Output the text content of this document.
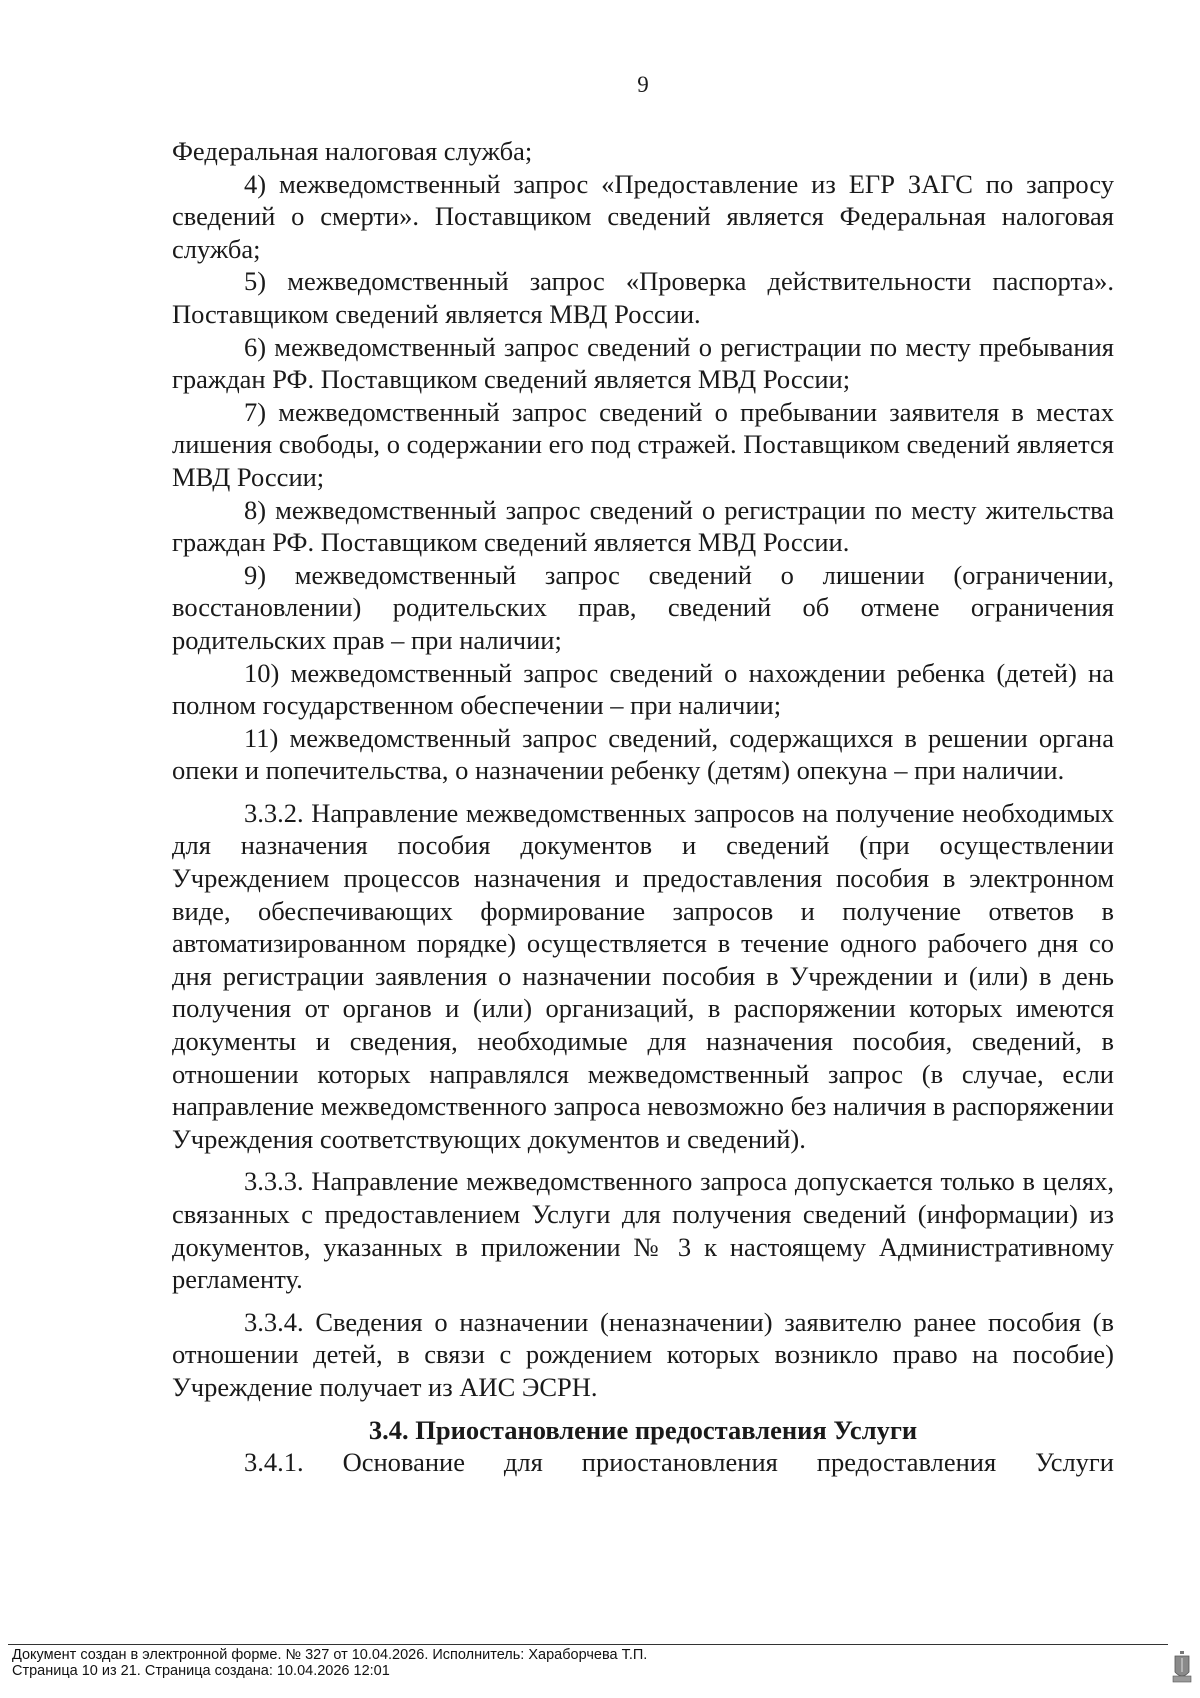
9

Федеральная налоговая служба;

4) межведомственный запрос «Предоставление из ЕГР ЗАГС по запросу сведений о смерти». Поставщиком сведений является Федеральная налоговая служба;

5) межведомственный запрос «Проверка действительности паспорта». Поставщиком сведений является МВД России.

6) межведомственный запрос сведений о регистрации по месту пребывания граждан РФ. Поставщиком сведений является МВД России;

7) межведомственный запрос сведений о пребывании заявителя в местах лишения свободы, о содержании его под стражей. Поставщиком сведений является МВД России;

8) межведомственный запрос сведений о регистрации по месту жительства граждан РФ. Поставщиком сведений является МВД России.

9) межведомственный запрос сведений о лишении (ограничении, восстановлении) родительских прав, сведений об отмене ограничения родительских прав – при наличии;

10) межведомственный запрос сведений о нахождении ребенка (детей) на полном государственном обеспечении – при наличии;

11) межведомственный запрос сведений, содержащихся в решении органа опеки и попечительства, о назначении ребенку (детям) опекуна – при наличии.

3.3.2. Направление межведомственных запросов на получение необходимых для назначения пособия документов и сведений (при осуществлении Учреждением процессов назначения и предоставления пособия в электронном виде, обеспечивающих формирование запросов и получение ответов в автоматизированном порядке) осуществляется в течение одного рабочего дня со дня регистрации заявления о назначении пособия в Учреждении и (или) в день получения от органов и (или) организаций, в распоряжении которых имеются документы и сведения, необходимые для назначения пособия, сведений, в отношении которых направлялся межведомственный запрос (в случае, если направление межведомственного запроса невозможно без наличия в распоряжении Учреждения соответствующих документов и сведений).

3.3.3. Направление межведомственного запроса допускается только в целях, связанных с предоставлением Услуги для получения сведений (информации) из документов, указанных в приложении № 3 к настоящему Административному регламенту.

3.3.4. Сведения о назначении (неназначении) заявителю ранее пособия (в отношении детей, в связи с рождением которых возникло право на пособие) Учреждение получает из АИС ЭСРН.

3.4. Приостановление предоставления Услуги

3.4.1. Основание для приостановления предоставления Услуги

Документ создан в электронной форме. № 327 от 10.04.2026. Исполнитель: Хараборчева Т.П.
Страница 10 из 21. Страница создана: 10.04.2026 12:01
